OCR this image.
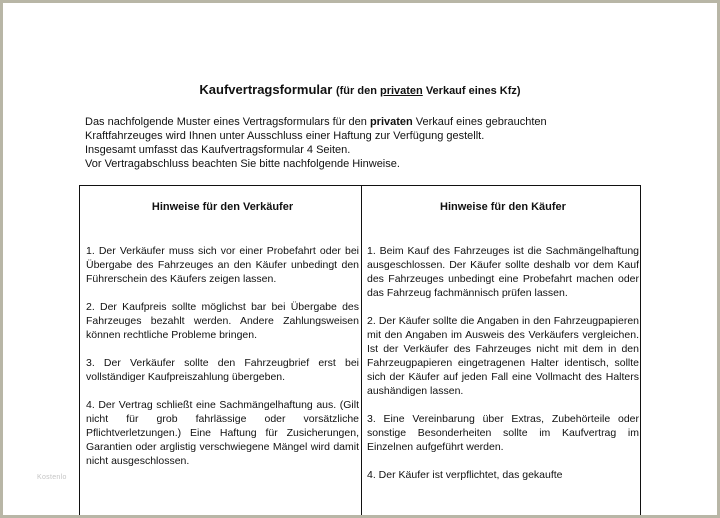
Kaufvertragsformular (für den privaten Verkauf eines Kfz)

Das nachfolgende Muster eines Vertragsformulars für den privaten Verkauf eines gebrauchten

Kraftfahrzeuges wird Ihnen unter Ausschluss einer Haftung zur Verfügung gestellt.

Insgesamt umfasst das Kaufvertragsformular 4 Seiten.

Vor Vertragabschluss beachten Sie bitte nachfolgende Hinweise.

Hinweise für den Verkäufer

1. Der Verkäufer muss sich vor einer Probefahrt oder bei Übergabe des Fahrzeuges an den Käufer unbedingt den Führerschein des Käufers zeigen lassen.

2. Der Kaufpreis sollte möglichst bar bei Übergabe des Fahrzeuges bezahlt werden. Andere Zahlungsweisen können rechtliche Probleme bringen.

3. Der Verkäufer sollte den Fahrzeugbrief erst bei vollständiger Kaufpreiszahlung übergeben.

4. Der Vertrag schließt eine Sachmängelhaftung aus. (Gilt nicht für grob fahrlässige oder vorsätzliche Pflichtverletzungen.) Eine Haftung für Zusicherungen, Garantien oder arglistig verschwiegene Mängel wird damit nicht ausgeschlossen.

Hinweise für den Käufer

1. Beim Kauf des Fahrzeuges ist die Sachmängelhaftung ausgeschlossen. Der Käufer sollte deshalb vor dem Kauf des Fahrzeuges unbedingt eine Probefahrt machen oder das Fahrzeug fachmännisch prüfen lassen.

2. Der Käufer sollte die Angaben in den Fahrzeugpapieren mit den Angaben im Ausweis des Verkäufers vergleichen. Ist der Verkäufer des Fahrzeuges nicht mit dem in den Fahrzeugpapieren eingetragenen Halter identisch, sollte sich der Käufer auf jeden Fall eine Vollmacht des Halters aushändigen lassen.

3. Eine Vereinbarung über Extras, Zubehörteile oder sonstige Besonderheiten sollte im Kaufvertrag im Einzelnen aufgeführt werden.

4. Der Käufer ist verpflichtet, das gekaufte

Kostenlo
